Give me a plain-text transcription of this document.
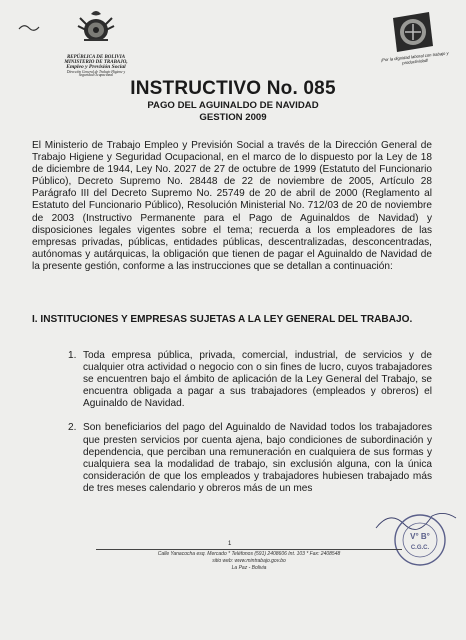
REPÚBLICA DE BOLIVIA
MINISTERIO DE TRABAJO,
Empleo y Previsión Social
Dirección General de Trabajo Higiene y
Seguridad Ocupacional
¡Por la dignidad laboral con trabajo y productividad!
INSTRUCTIVO No. 085
PAGO DEL AGUINALDO DE NAVIDAD
GESTION 2009
El Ministerio de Trabajo Empleo y Previsión Social a través de la Dirección General de Trabajo Higiene y Seguridad Ocupacional, en el marco de lo dispuesto por la Ley de 18 de diciembre de 1944, Ley No. 2027 de 27 de octubre de 1999 (Estatuto del Funcionario Público), Decreto Supremo No. 28448 de 22 de noviembre de 2005, Artículo 28 Parágrafo III del Decreto Supremo No. 25749 de 20 de abril de 2000 (Reglamento al Estatuto del Funcionario Público), Resolución Ministerial No. 712/03 de 20 de noviembre de 2003 (Instructivo Permanente para el Pago de Aguinaldos de Navidad) y disposiciones legales vigentes sobre el tema; recuerda a los empleadores de las empresas privadas, públicas, entidades públicas, descentralizadas, desconcentradas, autónomas y autárquicas, la obligación que tienen de pagar el Aguinaldo de Navidad de la presente gestión, conforme a las instrucciones que se detallan a continuación:
I. INSTITUCIONES Y EMPRESAS SUJETAS A LA LEY GENERAL DEL TRABAJO.
1. Toda empresa pública, privada, comercial, industrial, de servicios y de cualquier otra actividad o negocio con o sin fines de lucro, cuyos trabajadores se encuentren bajo el ámbito de aplicación de la Ley General del Trabajo, se encuentra obligada a pagar a sus trabajadores (empleados y obreros) el Aguinaldo de Navidad.
2. Son beneficiarios del pago del Aguinaldo de Navidad todos los trabajadores que presten servicios por cuenta ajena, bajo condiciones de subordinación y dependencia, que perciban una remuneración en cualquiera de sus formas y cualquiera sea la modalidad de trabajo, sin exclusión alguna, con la única consideración de que los empleados y trabajadores hubiesen trabajado más de tres meses calendario y obreros más de un mes
V° B°
C.G.C.
1
Calle Yanacocha esq. Mercado * Teléfonos (591) 2408606 Int. 103 * Fax: 2408548
sitio web: www.mintrabajo.gov.bo
La Paz - Bolivia
